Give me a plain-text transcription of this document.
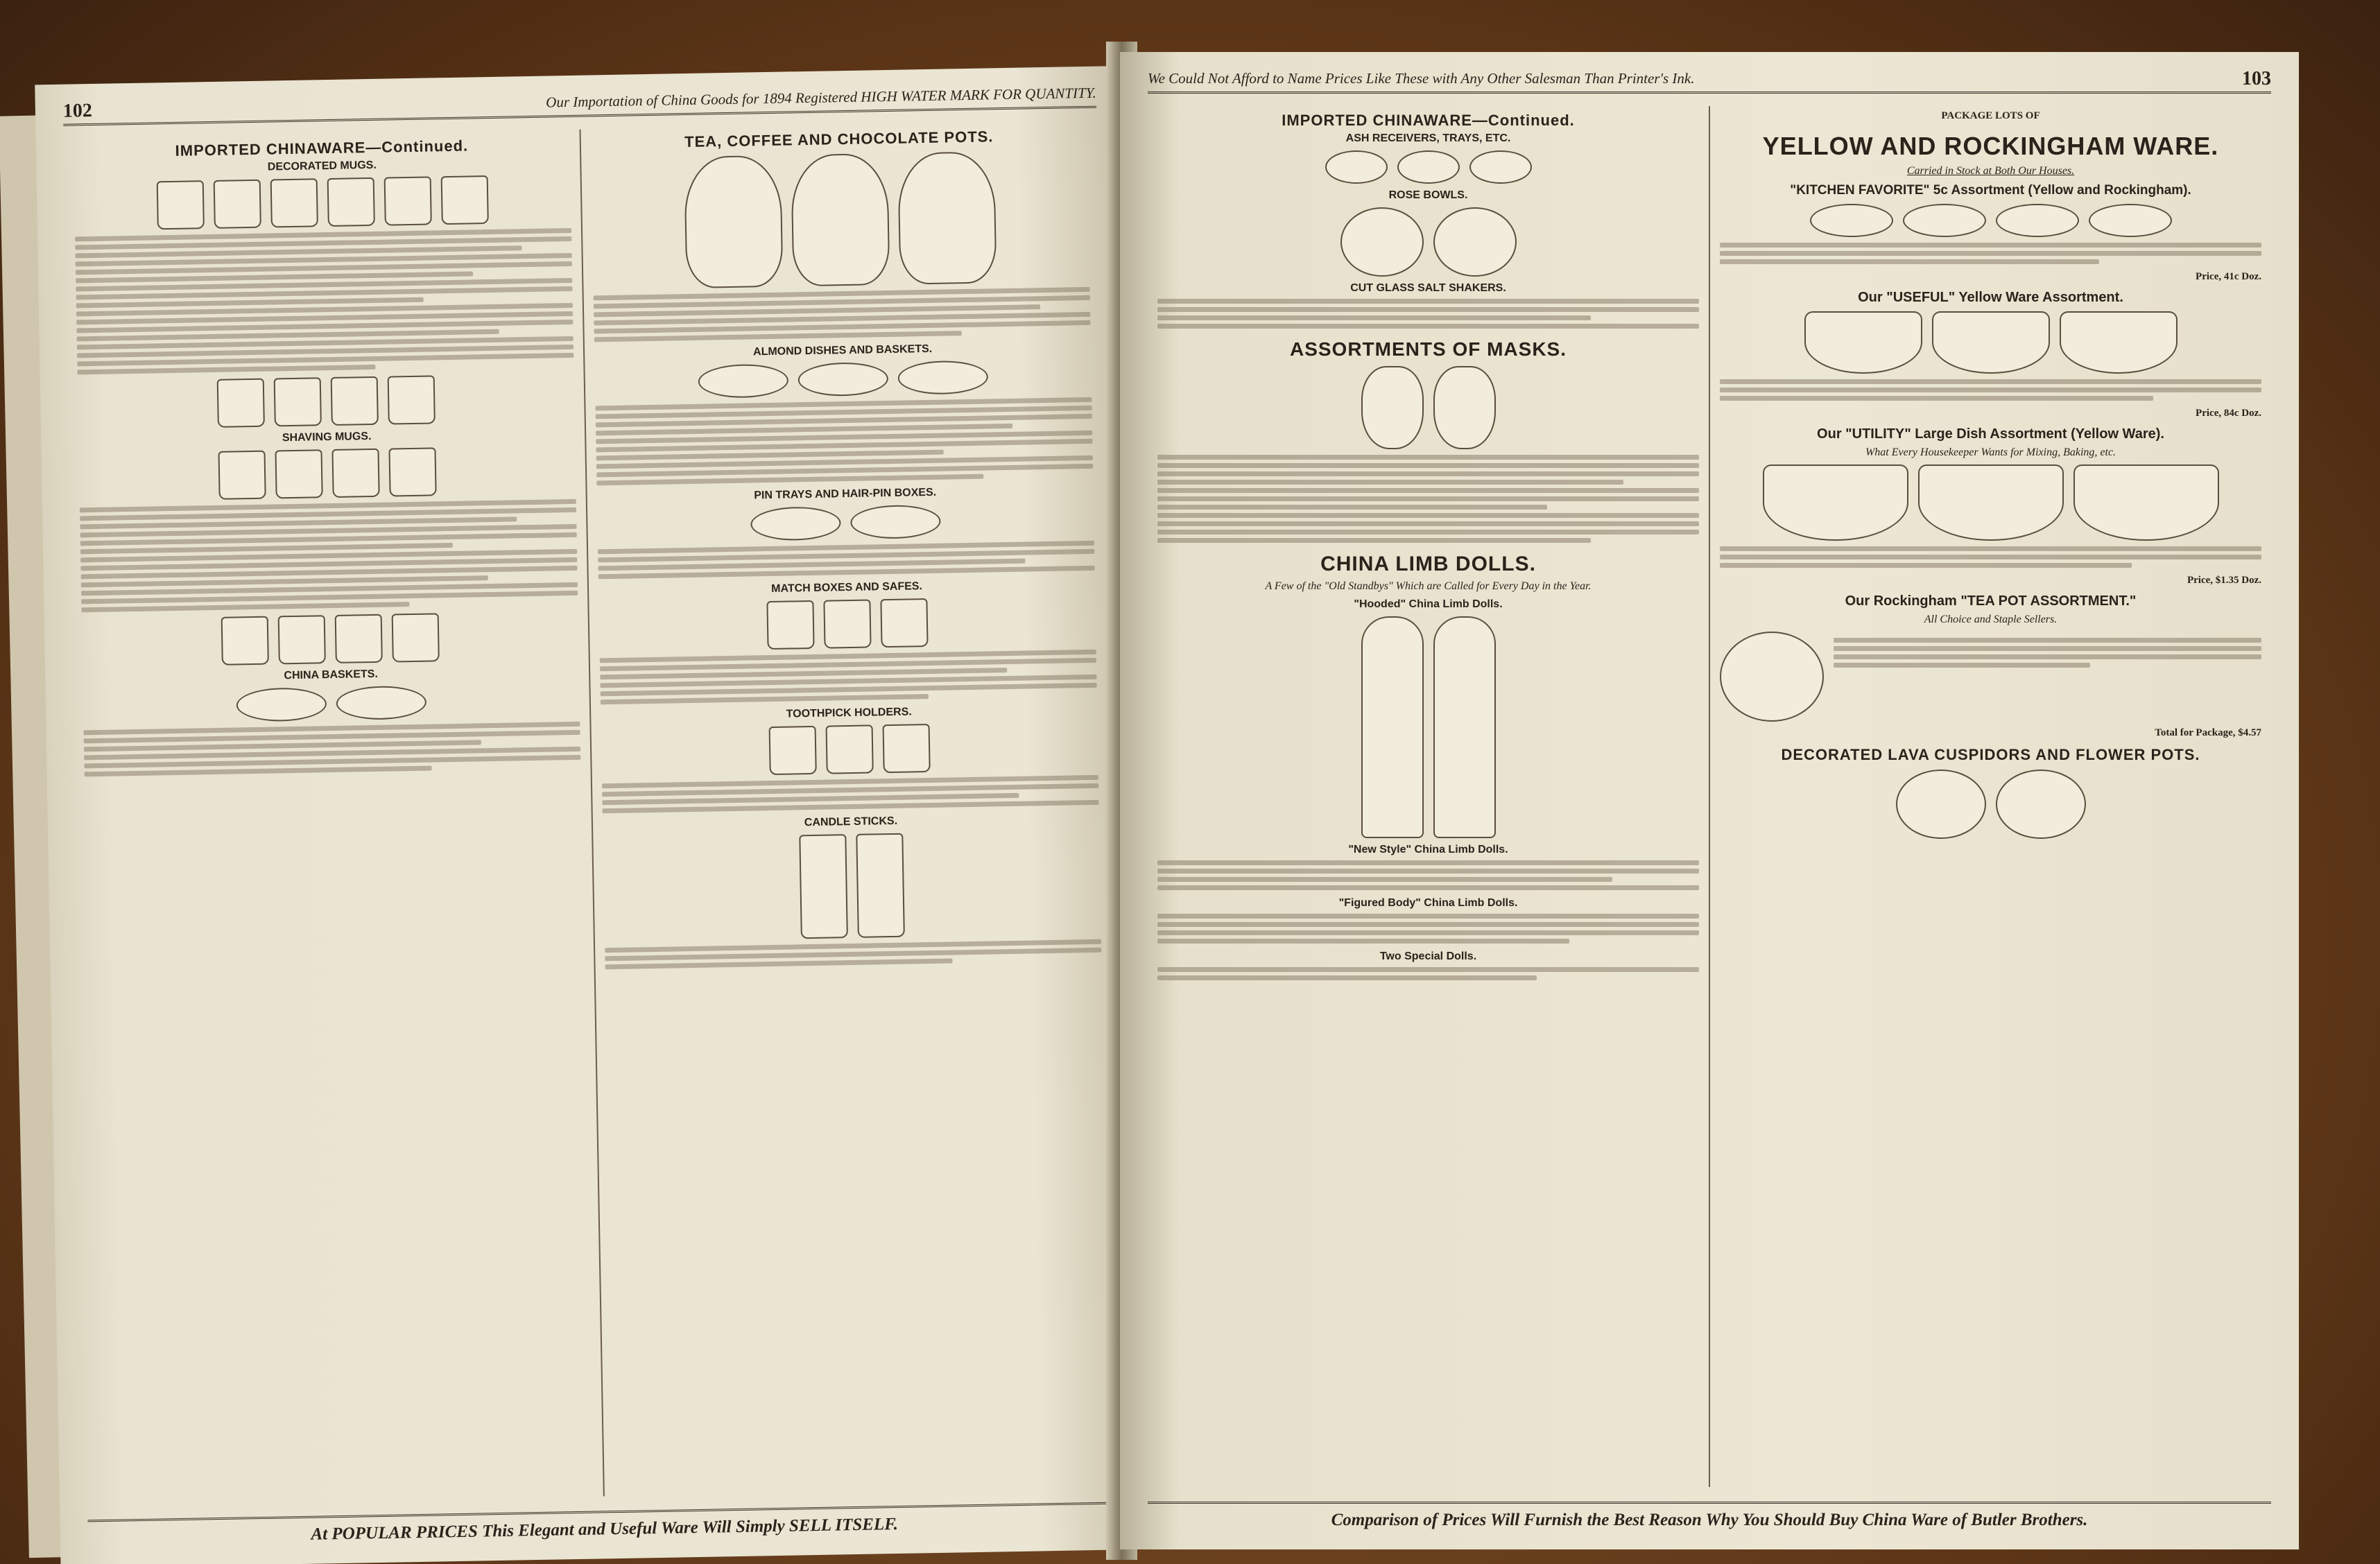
102	Our Importation of China Goods for 1894 Registered HIGH WATER MARK FOR QUANTITY.
IMPORTED CHINAWARE—Continued.
DECORATED MUGS.
SHAVING MUGS.
CHINA BASKETS.
TEA, COFFEE AND CHOCOLATE POTS.
ALMOND DISHES AND BASKETS.
PIN TRAYS AND HAIR-PIN BOXES.
MATCH BOXES AND SAFES.
TOOTHPICK HOLDERS.
CANDLE STICKS.
At POPULAR PRICES This Elegant and Useful Ware Will Simply SELL ITSELF.
We Could Not Afford to Name Prices Like These with Any Other Salesman Than Printer's Ink.	103
IMPORTED CHINAWARE—Continued.
ASH RECEIVERS, TRAYS, ETC.
ROSE BOWLS.
CUT GLASS SALT SHAKERS.
ASSORTMENTS OF MASKS.
CHINA LIMB DOLLS.
A Few of the "Old Standbys" Which are Called for Every Day in the Year.
"Hooded" China Limb Dolls.
"New Style" China Limb Dolls.
"Figured Body" China Limb Dolls.
Two Special Dolls.
PACKAGE LOTS OF
YELLOW AND ROCKINGHAM WARE.
Carried in Stock at Both Our Houses.
"KITCHEN FAVORITE" 5c Assortment (Yellow and Rockingham).
Price, 41c Doz.
Our "USEFUL" Yellow Ware Assortment.
Price, 84c Doz.
Our "UTILITY" Large Dish Assortment (Yellow Ware).
What Every Housekeeper Wants for Mixing, Baking, etc.
Price, $1.35 Doz.
Our Rockingham "TEA POT ASSORTMENT."
All Choice and Staple Sellers.
Total for Package, $4.57
DECORATED LAVA CUSPIDORS AND FLOWER POTS.
Comparison of Prices Will Furnish the Best Reason Why You Should Buy China Ware of Butler Brothers.
